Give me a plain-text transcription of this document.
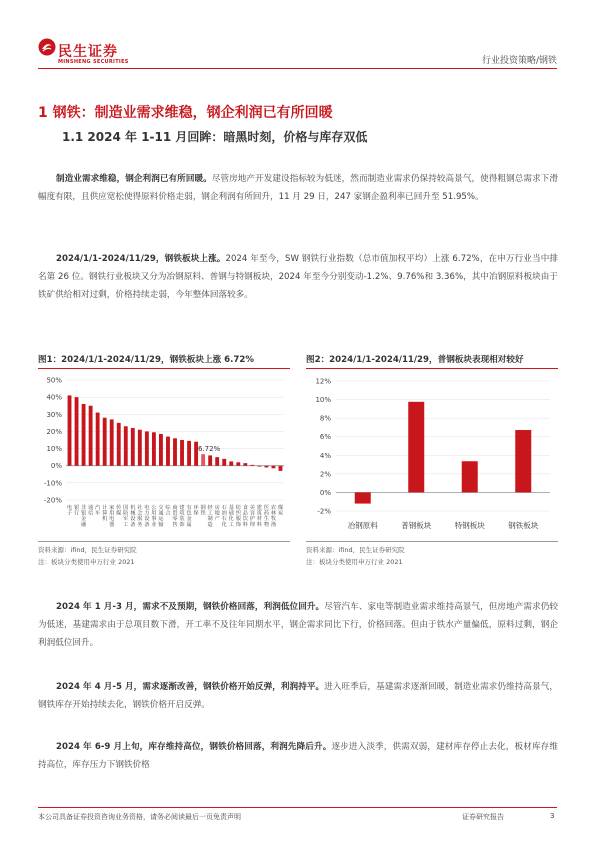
民生证券
MINSHENG SECURITIES	行业投资策略/钢铁
1 钢铁：制造业需求维稳，钢企利润已有所回暖
1.1 2024 年 1-11 月回眸：暗黑时刻，价格与库存双低
制造业需求维稳，钢企利润已有所回暖。尽管房地产开发建设指标较为低迷，然而制造业需求仍保持较高景气，使得粗钢总需求下滑幅度有限，且供应宽松使得原料价格走弱，钢企利润有所回升，11 月 29 日，247 家钢企盈利率已回升至 51.95%。
2024/1/1-2024/11/29，钢铁板块上涨。2024 年至今，SW 钢铁行业指数（总市值加权平均）上涨 6.72%，在申万行业当中排名第 26 位。钢铁行业板块又分为冶钢原料、普钢与特钢板块，2024 年至今分别变动-1.2%、9.76%和 3.36%，其中冶钢原料板块由于铁矿供给相对过剩，价格持续走弱，今年整体回落较多。
图1：2024/1/1-2024/11/29，钢铁板块上涨 6.72%	图2：2024/1/1-2024/11/29，普钢板块表现相对较好
50%
40%
30%
20%
10%
0%
-10%
-20%
电子
银行
非银金融
通信
汽车
计算机
家用电器
传媒
国防军工
机械设备
社会服务
电力设备
公用事业
交通运输
综合
商贸零售
建筑装饰
有色金属
环保
钢铁
轻工制造
房地产
石油石化
基础化工
纺织服饰
食品饮料
美容护理
建筑材料
医药生物
农林牧渔
煤炭
6.72%
12%
10%
8%
6%
4%
2%
0%
-2%
冶钢原料	普钢板块	特钢板块	钢铁板块
资料来源：ifind，民生证券研究院
注：板块分类使用申万行业 2021
资料来源：ifind，民生证券研究院
注：板块分类使用申万行业 2021
2024 年 1 月-3 月，需求不及预期，钢铁价格回落，利润低位回升。尽管汽车、家电等制造业需求维持高景气，但房地产需求仍较为低迷，基建需求由于总项目数下滑，开工率不及往年同期水平，钢企需求同比下行，价格回落。但由于铁水产量偏低，原料过剩，钢企利润低位回升。
2024 年 4 月-5 月，需求逐渐改善，钢铁价格开始反弹，利润持平。进入旺季后，基建需求逐渐回暖，制造业需求仍维持高景气，钢铁库存开始持续去化，钢铁价格开启反弹。
2024 年 6-9 月上旬，库存维持高位，钢铁价格回落，利润先降后升。逐步进入淡季，供需双弱，建材库存停止去化，板材库存维持高位，库存压力下钢铁价格
本公司具备证券投资咨询业务资格，请务必阅读最后一页免责声明	证券研究报告	3
